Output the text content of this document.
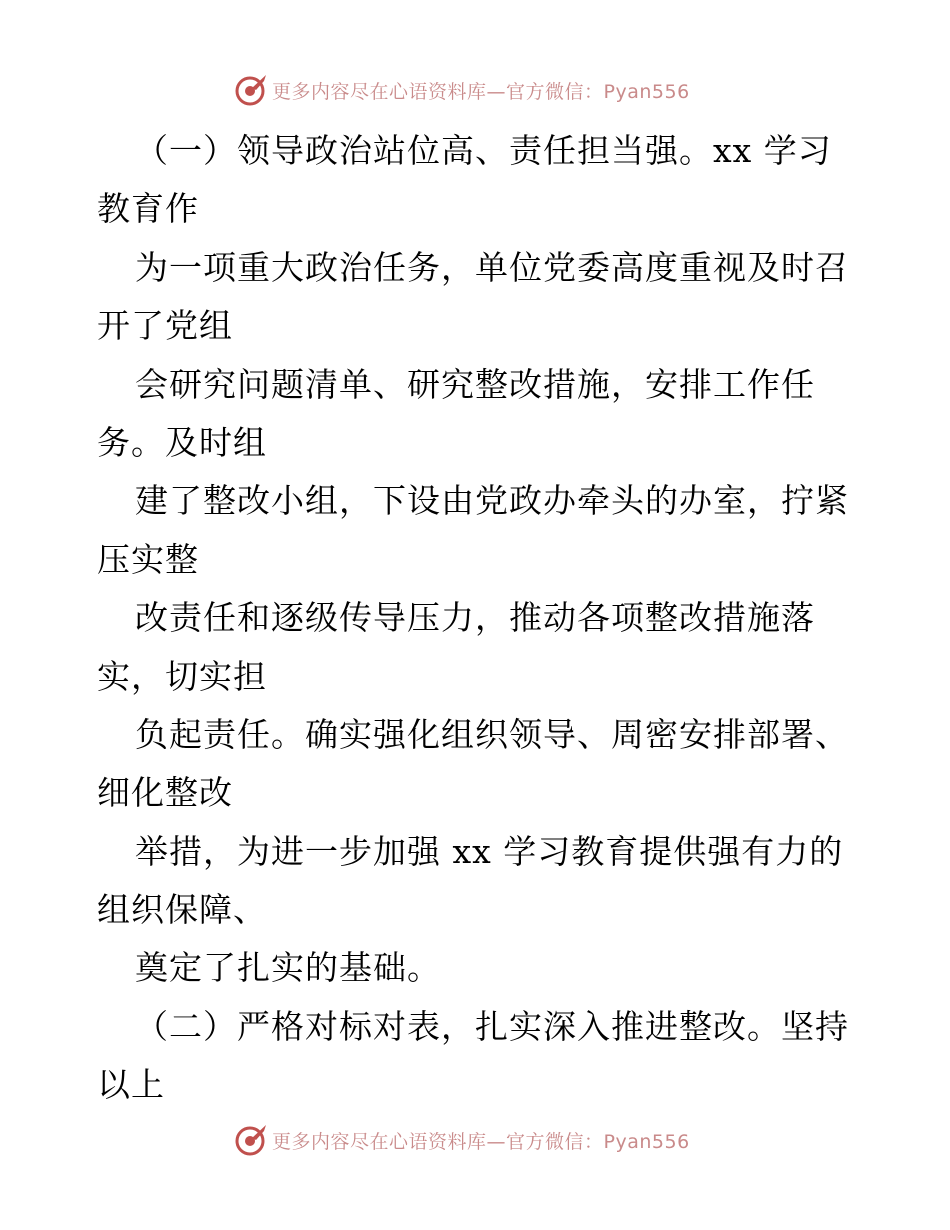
更多内容尽在心语资料库—官方微信：Pyan556
（一）领导政治站位高、责任担当强。xx 学习
教育作
为一项重大政治任务，单位党委高度重视及时召
开了党组
会研究问题清单、研究整改措施，安排工作任
务。及时组
建了整改小组，下设由党政办牵头的办室，拧紧
压实整
改责任和逐级传导压力，推动各项整改措施落
实，切实担
负起责任。确实强化组织领导、周密安排部署、
细化整改
举措，为进一步加强 xx 学习教育提供强有力的
组织保障、
奠定了扎实的基础。
（二）严格对标对表，扎实深入推进整改。坚持
以上
更多内容尽在心语资料库—官方微信：Pyan556
